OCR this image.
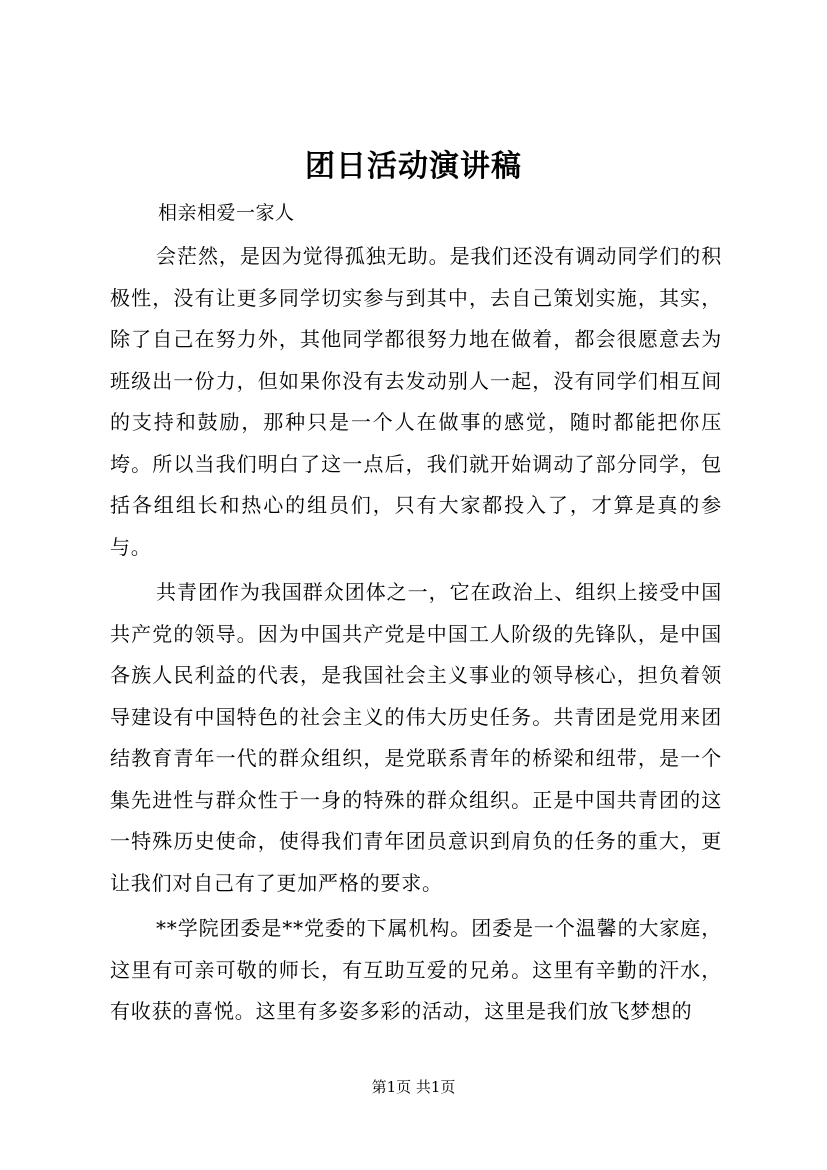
团日活动演讲稿
相亲相爱一家人

会茫然，是因为觉得孤独无助。是我们还没有调动同学们的积极性，没有让更多同学切实参与到其中，去自己策划实施，其实，除了自己在努力外，其他同学都很努力地在做着，都会很愿意去为班级出一份力，但如果你没有去发动别人一起，没有同学们相互间的支持和鼓励，那种只是一个人在做事的感觉，随时都能把你压垮。所以当我们明白了这一点后，我们就开始调动了部分同学，包括各组组长和热心的组员们，只有大家都投入了，才算是真的参与。

共青团作为我国群众团体之一，它在政治上、组织上接受中国共产党的领导。因为中国共产党是中国工人阶级的先锋队，是中国各族人民利益的代表，是我国社会主义事业的领导核心，担负着领导建设有中国特色的社会主义的伟大历史任务。共青团是党用来团结教育青年一代的群众组织，是党联系青年的桥梁和纽带，是一个集先进性与群众性于一身的特殊的群众组织。正是中国共青团的这一特殊历史使命，使得我们青年团员意识到肩负的任务的重大，更让我们对自己有了更加严格的要求。

**学院团委是**党委的下属机构。团委是一个温馨的大家庭，这里有可亲可敬的师长，有互助互爱的兄弟。这里有辛勤的汗水，有收获的喜悦。这里有多姿多彩的活动，这里是我们放飞梦想的

第1页 共1页
